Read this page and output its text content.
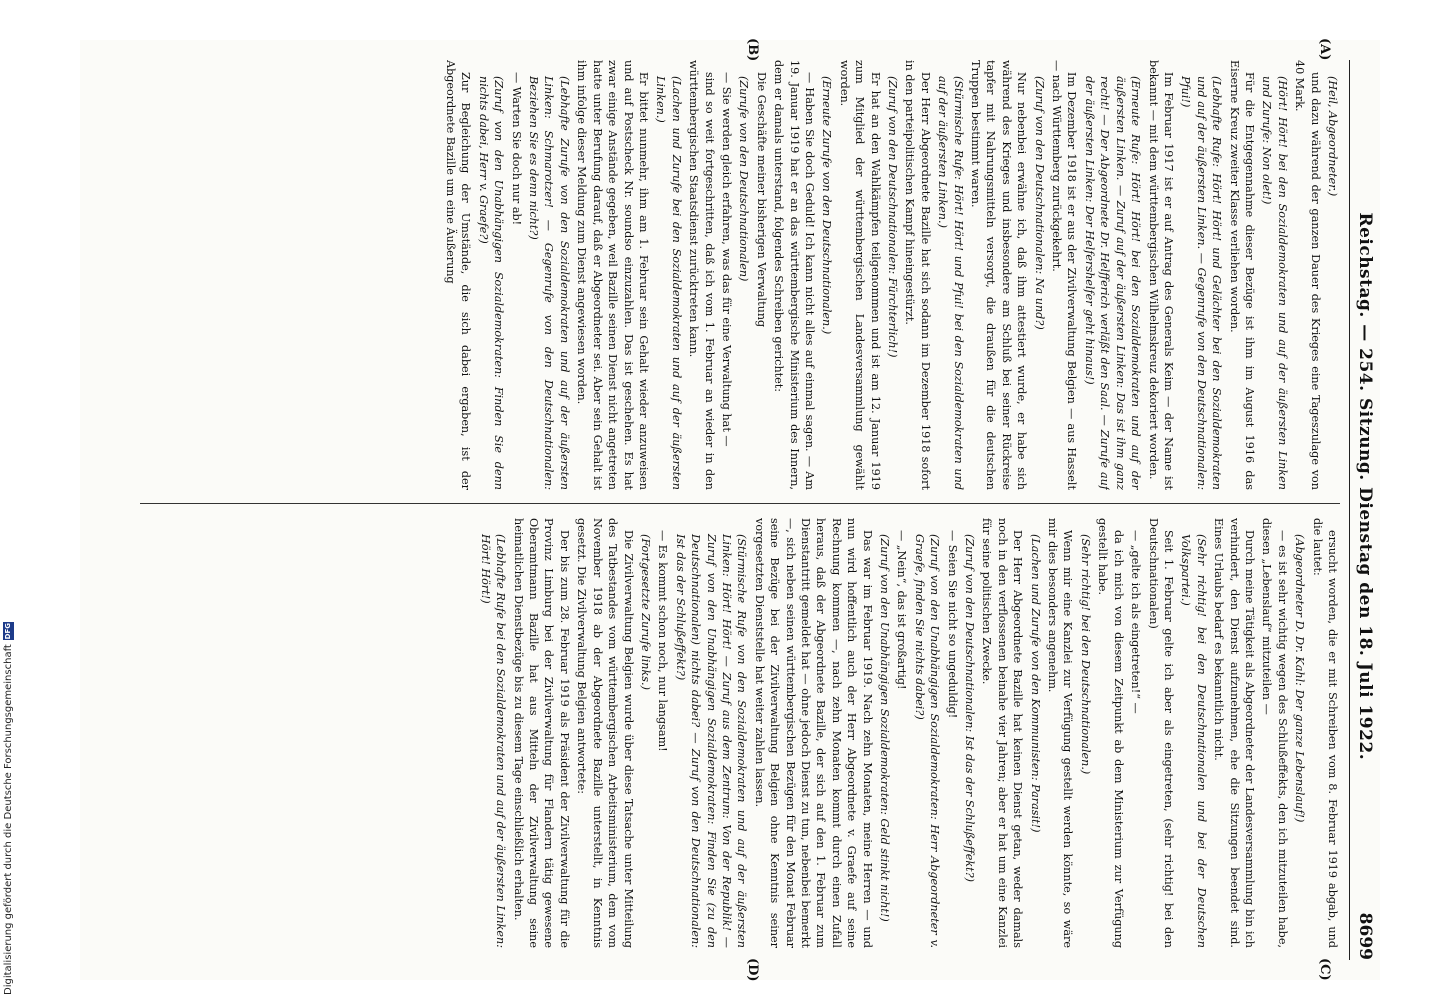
Reichstag. — 254. Sitzung. Dienstag den 18. Juli 1922.
8699
(A)
(B)
(C)
(D)

(Heil, Abgeordneter.)

und dazu während der ganzen Dauer des Krieges eine Tageszulage von 40 Mark.

(Hört! Hört! bei den Sozialdemokraten und auf der äußersten Linken und Zurufe: Non olet!)

Für die Entgegennahme dieser Bezüge ist ihm im August 1916 das Eiserne Kreuz zweiter Klasse verliehen worden.

(Lebhafte Rufe: Hört! Hört! und Gelächter bei den Sozialdemokraten und auf der äußersten Linken. — Gegenrufe von den Deutschnationalen: Pfui!)

Im Februar 1917 ist er auf Antrag des Generals Keim — der Name ist bekannt — mit dem württembergischen Wilhelmskreuz dekoriert worden.

(Erneute Rufe: Hört! Hört! bei den Sozialdemokraten und auf der äußersten Linken. — Zuruf auf der äußersten Linken: Das ist ihm ganz recht! — Der Abgeordnete Dr. Helfferich verläßt den Saal. — Zurufe auf der äußersten Linken: Der Helfershelfer geht hinaus!)

Im Dezember 1918 ist er aus der Zivilverwaltung Belgien — aus Hasselt — nach Württemberg zurückgekehrt.

(Zuruf von den Deutschnationalen: Na und?)

Nur nebenbei erwähne ich, daß ihm attestiert wurde, er habe sich während des Krieges und insbesondere am Schluß bei seiner Rückreise tapfer mit Nahrungsmitteln versorgt, die draußen für die deutschen Truppen bestimmt waren.

(Stürmische Rufe: Hört! Hört! und Pfui! bei den Sozialdemokraten und auf der äußersten Linken.)

Der Herr Abgeordnete Bazille hat sich sodann im Dezember 1918 sofort in den parteipolitischen Kampf hineingestürzt.

(Zuruf von den Deutschnationalen: Fürchterlich!)

Er hat an den Wahlkämpfen teilgenommen und ist am 12. Januar 1919 zum Mitglied der württembergischen Landesversammlung gewählt worden.

(Erneute Zurufe von den Deutschnationalen.)

— Haben Sie doch Geduld! Ich kann nicht alles auf einmal sagen. — Am 19. Januar 1919 hat er an das württembergische Ministerium des Innern, dem er damals unterstand, folgendes Schreiben gerichtet:

Die Geschäfte meiner bisherigen Verwaltung

(Zurufe von den Deutschnationalen)

— Sie werden gleich erfahren, was das für eine Verwaltung hat —

sind so weit fortgeschritten, daß ich vom 1. Februar an wieder in den württembergischen Staatsdienst zurücktreten kann.

(Lachen und Zurufe bei den Sozialdemokraten und auf der äußersten Linken.)

Er bittet nunmehr, ihm am 1. Februar sein Gehalt wieder anzuweisen und auf Postscheck Nr. soundso einzuzahlen. Das ist geschehen. Es hat zwar einige Anstände gegeben, weil Bazille seinen Dienst nicht angetreten hatte unter Berufung darauf, daß er Abgeordneter sei. Aber sein Gehalt ist ihm infolge dieser Meldung zum Dienst angewiesen worden.

(Lebhafte Zurufe von den Sozialdemokraten und auf der äußersten Linken: Schmarotzer! — Gegenrufe von den Deutschnationalen: Beziehen Sie es denn nicht?)

— Warten Sie doch nur ab!

(Zuruf von den Unabhängigen Sozialdemokraten: Finden Sie denn nichts dabei, Herr v. Graefe?)

Zur Begleichung der Umstände, die sich dabei ergaben, ist der Abgeordnete Bazille um eine Äußerung

ersucht worden, die er mit Schreiben vom 8. Februar 1919 abgab, und die lautet:

(Abgeordneter D. Dr. Kahl: Der ganze Lebenslauf!)

— es ist sehr wichtig wegen des Schlußeffekts, den ich mitzuteilen habe, diesen „Lebenslauf“ mitzuteilen —

Durch meine Tätigkeit als Abgeordneter der Landesversammlung bin ich verhindert, den Dienst aufzunehmen, ehe die Sitzungen beendet sind. Eines Urlaubs bedarf es bekanntlich nicht.

(Sehr richtig! bei den Deutschnationalen und bei der Deutschen Volkspartei.)

Seit 1. Februar gelte ich aber als eingetreten, (sehr richtig! bei den Deutschnationalen)

— „gelte ich als eingetreten!“ —

da ich mich von diesem Zeitpunkt ab dem Ministerium zur Verfügung gestellt habe.

(Sehr richtig! bei den Deutschnationalen.)

Wenn mir eine Kanzlei zur Verfügung gestellt werden könnte, so wäre mir dies besonders angenehm.

(Lachen und Zurufe von den Kommunisten: Parasit!)

Der Herr Abgeordnete Bazille hat keinen Dienst getan, weder damals noch in den verflossenen beinahe vier Jahren; aber er hat um eine Kanzlei für seine politischen Zwecke.

(Zuruf von den Deutschnationalen: Ist das der Schlußeffekt?)

— Seien Sie nicht so ungeduldig!

(Zuruf von den Unabhängigen Sozialdemokraten: Herr Abgeordneter v. Graefe, finden Sie nichts dabei?)

— „Nein“, das ist großartig!

(Zuruf von den Unabhängigen Sozialdemokraten: Geld stinkt nicht!)

Das war im Februar 1919. Nach zehn Monaten, meine Herren — und nun wird hoffentlich auch der Herr Abgeordnete v. Graefe auf seine Rechnung kommen —, nach zehn Monaten kommt durch einen Zufall heraus, daß der Abgeordnete Bazille, der sich auf den 1. Februar zum Dienstantritt gemeldet hat — ohne jedoch Dienst zu tun, nebenbei bemerkt —, sich neben seinen württembergischen Bezügen für den Monat Februar seine Bezüge bei der Zivilverwaltung Belgien ohne Kenntnis seiner vorgesetzten Dienststelle hat weiter zahlen lassen.

(Stürmische Rufe von den Sozialdemokraten und auf der äußersten Linken: Hört! Hört! — Zuruf aus dem Zentrum: Von der Republik! — Zuruf von den Unabhängigen Sozialdemokraten: Finden Sie (zu den Deutschnationalen) nichts dabei? — Zuruf von den Deutschnationalen: Ist das der Schlußeffekt?)

— Es kommt schon noch, nur langsam!

(Fortgesetzte Zurufe links.)

Die Zivilverwaltung Belgien wurde über diese Tatsache unter Mitteilung des Tatbestandes vom württembergischen Arbeitsministerium, dem vom November 1918 ab der Abgeordnete Bazille unterstellt, in Kenntnis gesetzt. Die Zivilverwaltung Belgien antwortete:

Der bis zum 28. Februar 1919 als Präsident der Zivilverwaltung für die Provinz Limburg bei der Zivilverwaltung für Flandern tätig gewesene Oberamtmann Bazille hat aus Mitteln der Zivilverwaltung seine heimatlichen Dienstbezüge bis zu diesem Tage einschließlich erhalten.

(Lebhafte Rufe bei den Sozialdemokraten und auf der äußersten Linken: Hört! Hört!)

Digitalisierung gefördert durch die Deutsche Forschungsgemeinschaft
DFG
